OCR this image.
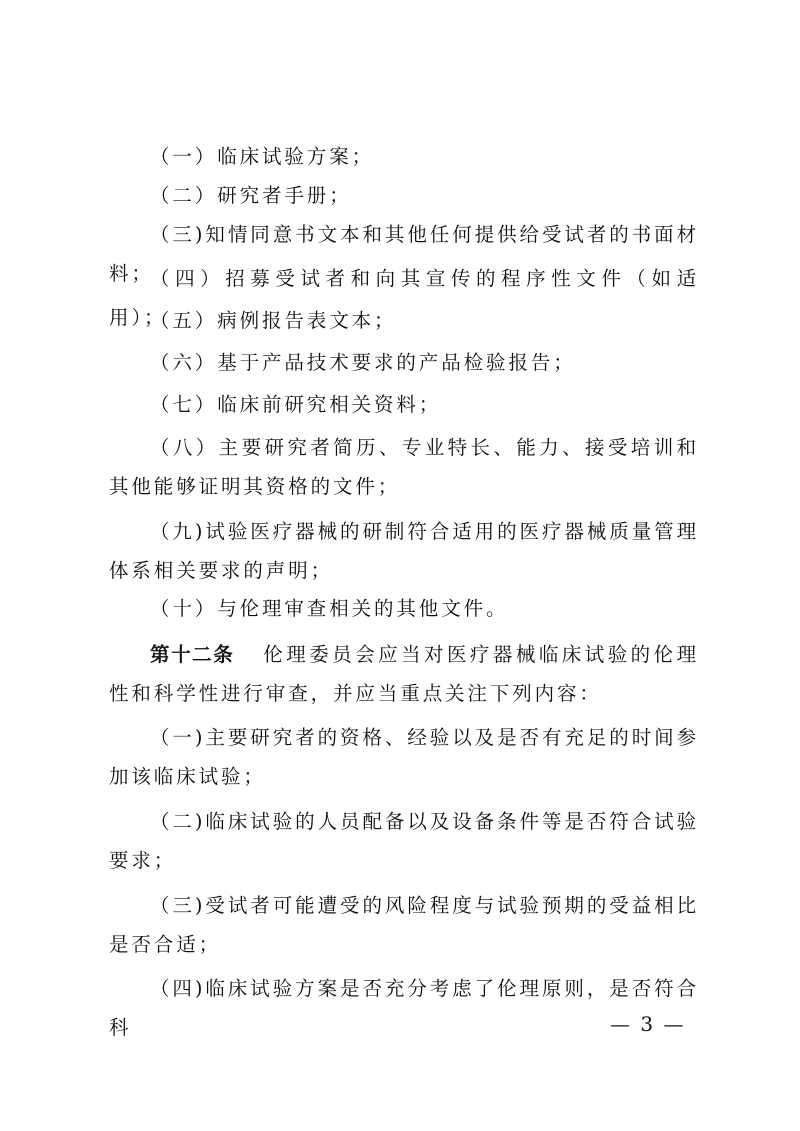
（一）临床试验方案；

（二）研究者手册；

（三)知情同意书文本和其他任何提供给受试者的书面材料；

（四）招募受试者和向其宣传的程序性文件（如适用）；

（五）病例报告表文本；

（六）基于产品技术要求的产品检验报告；

（七）临床前研究相关资料；

（八）主要研究者简历、专业特长、能力、接受培训和其他能够证明其资格的文件；

（九)试验医疗器械的研制符合适用的医疗器械质量管理体系相关要求的声明；

（十）与伦理审查相关的其他文件。

第十二条 伦理委员会应当对医疗器械临床试验的伦理性和科学性进行审查，并应当重点关注下列内容：

（一)主要研究者的资格、经验以及是否有充足的时间参加该临床试验；

（二)临床试验的人员配备以及设备条件等是否符合试验要求；

（三)受试者可能遭受的风险程度与试验预期的受益相比是否合适；

（四)临床试验方案是否充分考虑了伦理原则，是否符合科	— 3 —
